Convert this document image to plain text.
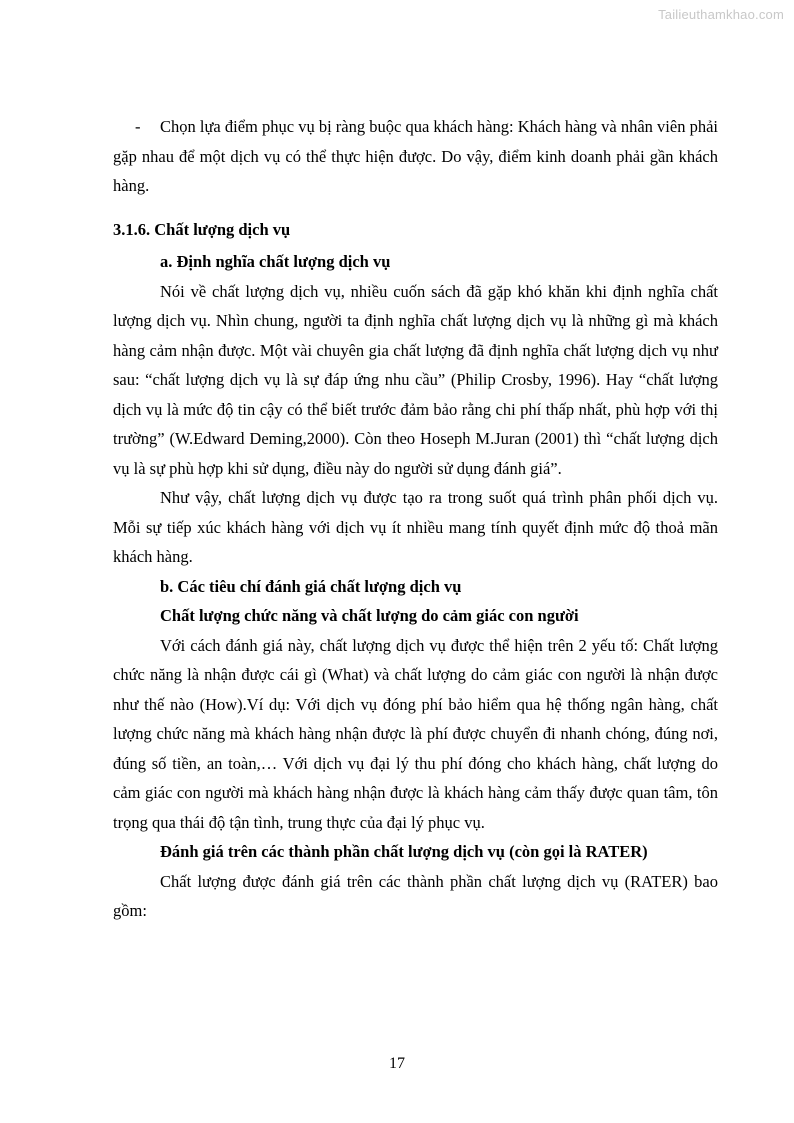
Tailieuthamkhao.com

- Chọn lựa điểm phục vụ bị ràng buộc qua khách hàng: Khách hàng và nhân viên phải gặp nhau để một dịch vụ có thể thực hiện được. Do vậy, điểm kinh doanh phải gần khách hàng.

3.1.6. Chất lượng dịch vụ

a. Định nghĩa chất lượng dịch vụ

Nói về chất lượng dịch vụ, nhiều cuốn sách đã gặp khó khăn khi định nghĩa chất lượng dịch vụ. Nhìn chung, người ta định nghĩa chất lượng dịch vụ là những gì mà khách hàng cảm nhận được. Một vài chuyên gia chất lượng đã định nghĩa chất lượng dịch vụ như sau: “chất lượng dịch vụ là sự đáp ứng nhu cầu” (Philip Crosby, 1996). Hay “chất lượng dịch vụ là mức độ tin cậy có thể biết trước đảm bảo rằng chi phí thấp nhất, phù hợp với thị trường” (W.Edward Deming,2000). Còn theo Hoseph M.Juran (2001) thì “chất lượng dịch vụ là sự phù hợp khi sử dụng, điều này do người sử dụng đánh giá”.

Như vậy, chất lượng dịch vụ được tạo ra trong suốt quá trình phân phối dịch vụ. Mỗi sự tiếp xúc khách hàng với dịch vụ ít nhiều mang tính quyết định mức độ thoả mãn khách hàng.

b. Các tiêu chí đánh giá chất lượng dịch vụ

Chất lượng chức năng và chất lượng do cảm giác con người

Với cách đánh giá này, chất lượng dịch vụ được thể hiện trên 2 yếu tố: Chất lượng chức năng là nhận được cái gì (What) và chất lượng do cảm giác con người là nhận được như thế nào (How).Ví dụ: Với dịch vụ đóng phí bảo hiểm qua hệ thống ngân hàng, chất lượng chức năng mà khách hàng nhận được là phí được chuyển đi nhanh chóng, đúng nơi, đúng số tiền, an toàn,… Với dịch vụ đại lý thu phí đóng cho khách hàng, chất lượng do cảm giác con người mà khách hàng nhận được là khách hàng cảm thấy được quan tâm, tôn trọng qua thái độ tận tình, trung thực của đại lý phục vụ.

Đánh giá trên các thành phần chất lượng dịch vụ (còn gọi là RATER)

Chất lượng được đánh giá trên các thành phần chất lượng dịch vụ (RATER) bao gồm:

17
